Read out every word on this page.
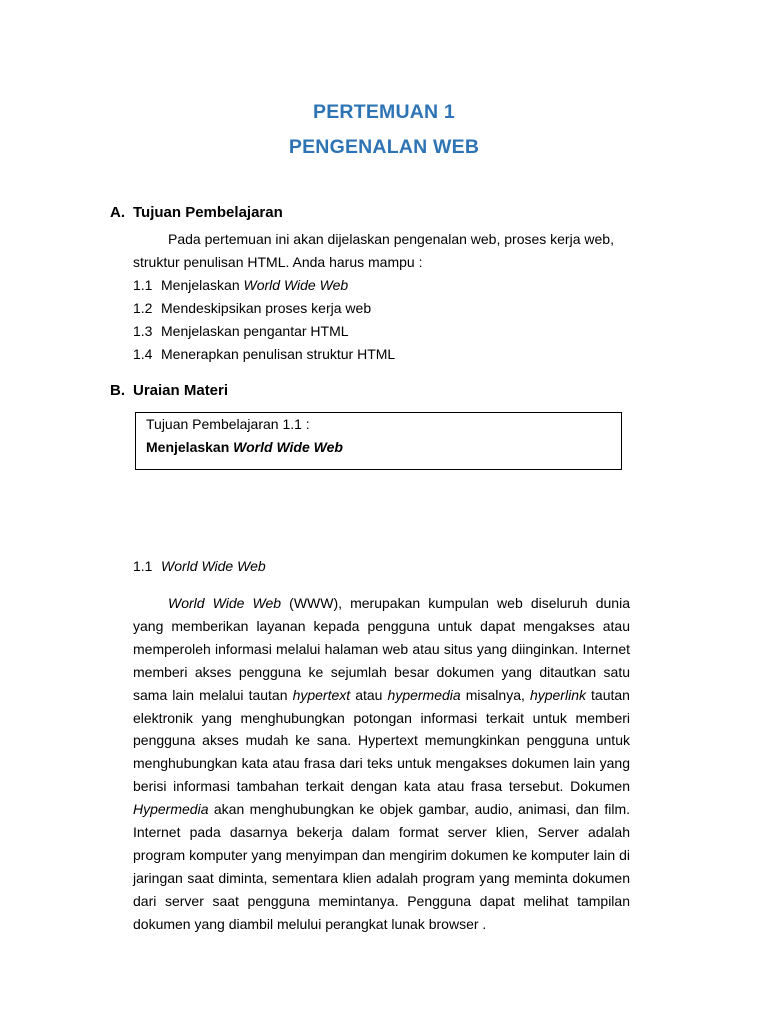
PERTEMUAN 1
PENGENALAN WEB
A. Tujuan Pembelajaran
Pada pertemuan ini akan dijelaskan pengenalan web, proses kerja web,
struktur penulisan HTML. Anda harus mampu :
1.1 Menjelaskan World Wide Web
1.2 Mendeskipsikan proses kerja web
1.3 Menjelaskan pengantar HTML
1.4 Menerapkan penulisan struktur HTML
B. Uraian Materi
Tujuan Pembelajaran 1.1 :
Menjelaskan World Wide Web
1.1 World Wide Web

World Wide Web (WWW), merupakan kumpulan web diseluruh dunia yang memberikan layanan kepada pengguna untuk dapat mengakses atau memperoleh informasi melalui halaman web atau situs yang diinginkan. Internet memberi akses pengguna ke sejumlah besar dokumen yang ditautkan satu sama lain melalui tautan hypertext atau hypermedia misalnya, hyperlink tautan elektronik yang menghubungkan potongan informasi terkait untuk memberi pengguna akses mudah ke sana. Hypertext memungkinkan pengguna untuk menghubungkan kata atau frasa dari teks untuk mengakses dokumen lain yang berisi informasi tambahan terkait dengan kata atau frasa tersebut. Dokumen Hypermedia akan menghubungkan ke objek gambar, audio, animasi, dan film. Internet pada dasarnya bekerja dalam format server klien, Server adalah program komputer yang menyimpan dan mengirim dokumen ke komputer lain di jaringan saat diminta, sementara klien adalah program yang meminta dokumen dari server saat pengguna memintanya. Pengguna dapat melihat tampilan dokumen yang diambil melului perangkat lunak browser .
